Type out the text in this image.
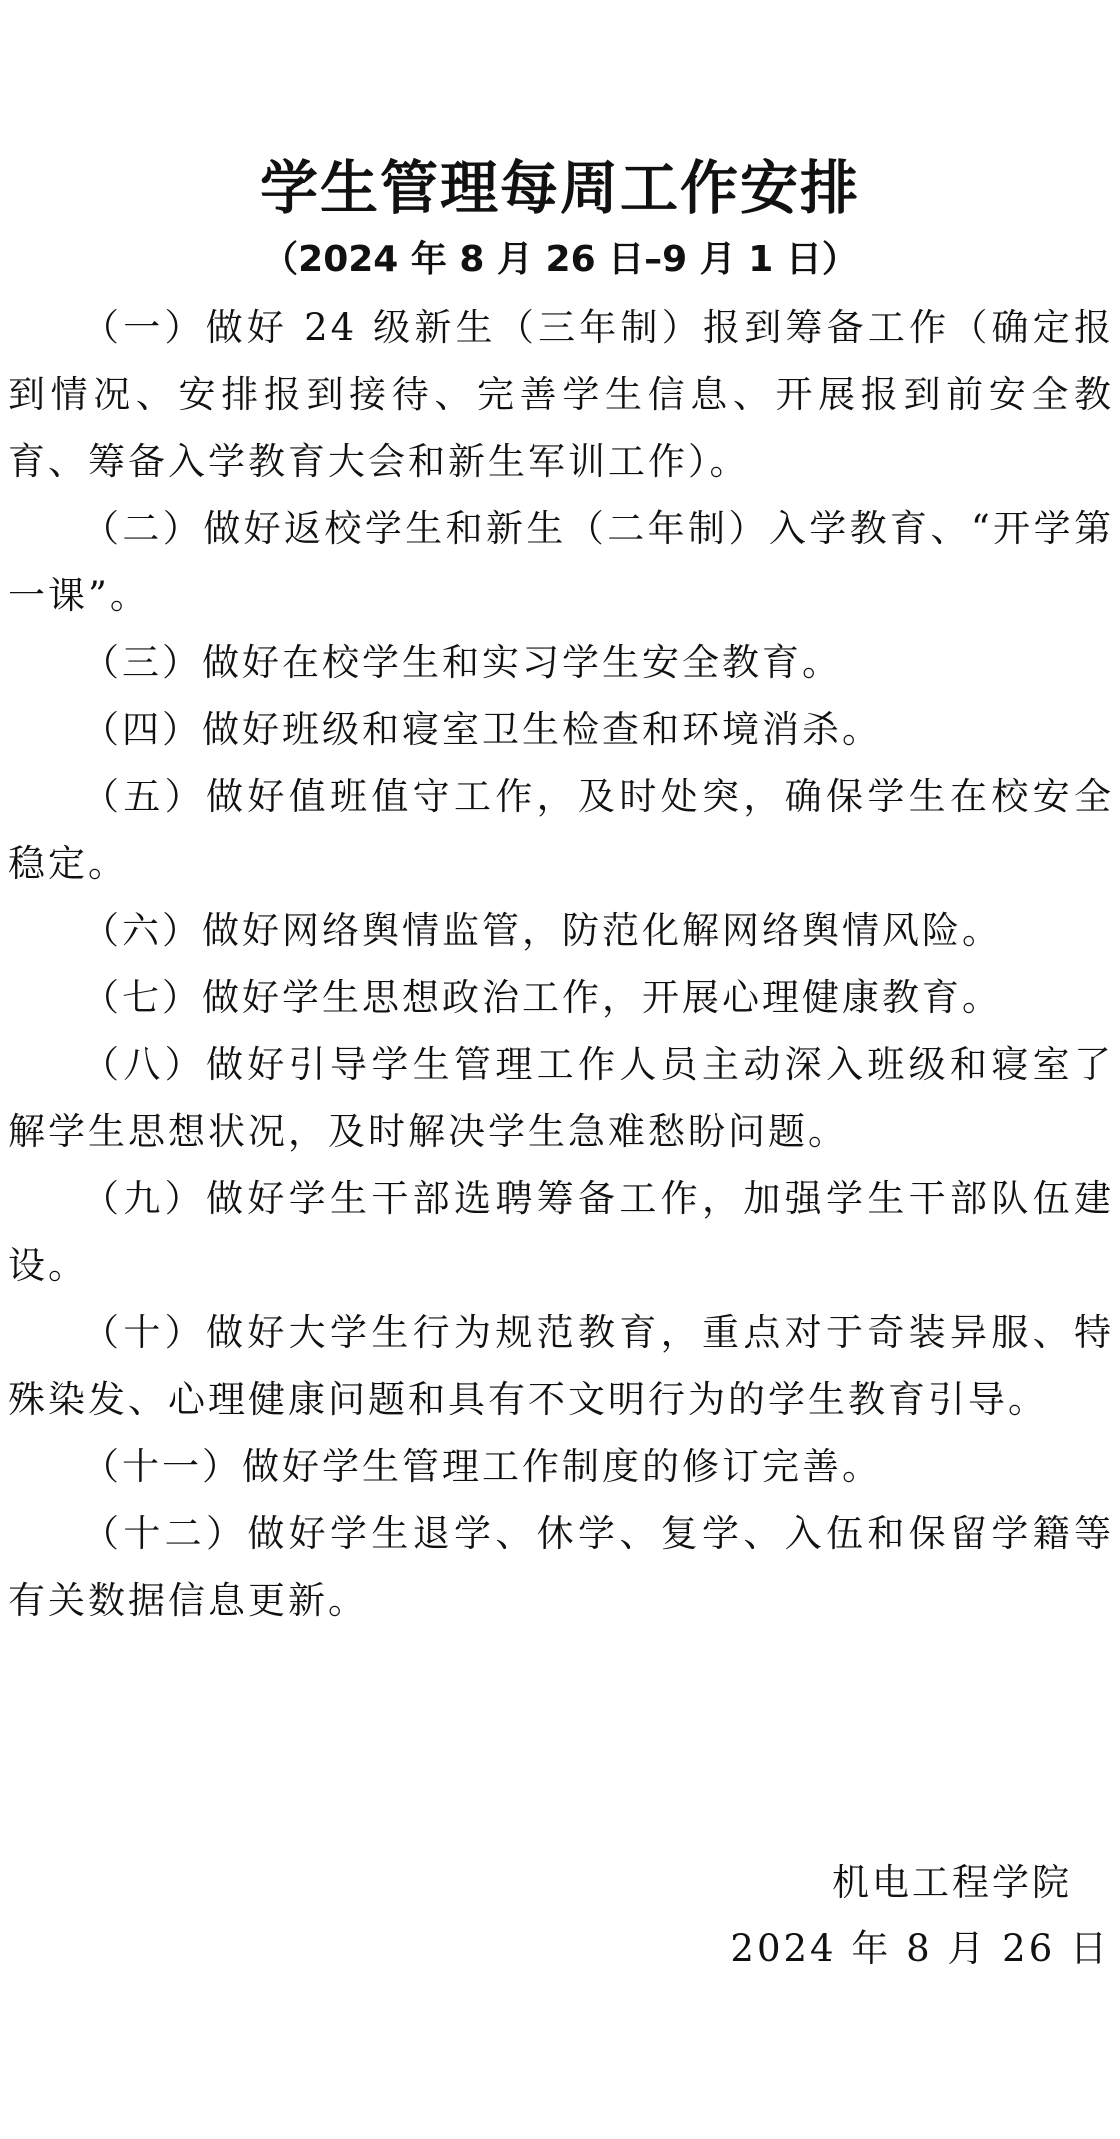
学生管理每周工作安排
（2024 年 8 月 26 日–9 月 1 日）

（一）做好 24 级新生（三年制）报到筹备工作（确定报到情况、安排报到接待、完善学生信息、开展报到前安全教育、筹备入学教育大会和新生军训工作）。

（二）做好返校学生和新生（二年制）入学教育、“开学第一课”。

（三）做好在校学生和实习学生安全教育。

（四）做好班级和寝室卫生检查和环境消杀。

（五）做好值班值守工作，及时处突，确保学生在校安全稳定。

（六）做好网络舆情监管，防范化解网络舆情风险。

（七）做好学生思想政治工作，开展心理健康教育。

（八）做好引导学生管理工作人员主动深入班级和寝室了解学生思想状况，及时解决学生急难愁盼问题。

（九）做好学生干部选聘筹备工作，加强学生干部队伍建设。

（十）做好大学生行为规范教育，重点对于奇装异服、特殊染发、心理健康问题和具有不文明行为的学生教育引导。

（十一）做好学生管理工作制度的修订完善。

（十二）做好学生退学、休学、复学、入伍和保留学籍等有关数据信息更新。

机电工程学院
2024 年 8 月 26 日
